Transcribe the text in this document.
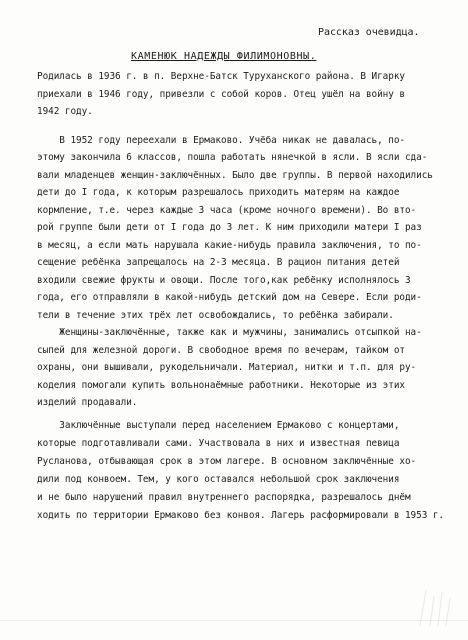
Рассказ очевидца.
КАМЕНЮК НАДЕЖДЫ ФИЛИМОНОВНЫ.
Родилась в 1936 г. в п. Верхне-Батск Туруханского района. В Игарку
приехали в 1946 году, привезли с собой коров. Отец ушёл на войну в
1942 году.
В 1952 году переехали в Ермаково. Учёба никак не давалась, по-
этому закончила 6 классов, пошла работать нянечкой в ясли. В ясли сда-
вали младенцев женщин-заключённых. Было две группы. В первой находились
дети до I года, к которым разрешалось приходить матерям на каждое
кормление, т.е. через каждые 3 часа (кроме ночного времени). Во вто-
рой группе были дети от I года до 3 лет. К ним приходили матери I раз
в месяц, а если мать нарушала какие-нибудь правила заключения, то по-
сещение ребёнка запрещалось на 2-3 месяца. В рацион питания детей
входили свежие фрукты и овощи. После того,как ребёнку исполнялось 3
года, его отправляли в какой-нибудь детский дом на Севере. Если роди-
тели в течение этих трёх лет освобождались, то ребёнка забирали.
Женщины-заключённые, также как и мужчины, занимались отсыпкой на-
сыпей для железной дороги. В свободное время по вечерам, тайком от
охраны, они вышивали, рукодельничали. Материал, нитки и т.п. для ру-
коделия помогали купить вольнонаёмные работники. Некоторые из этих
изделий продавали.
Заключённые выступали перед населением Ермаково с концертами,
которые подготавливали сами. Участвовала в них и известная певица
Русланова, отбывающая срок в этом лагере. В основном заключённые хо-
дили под конвоем. Тем, у кого оставался небольшой срок заключения
и не было нарушений правил внутреннего распорядка, разрешалось днём
ходить по территории Ермаково без конвоя. Лагерь расформировали в 1953 г.
